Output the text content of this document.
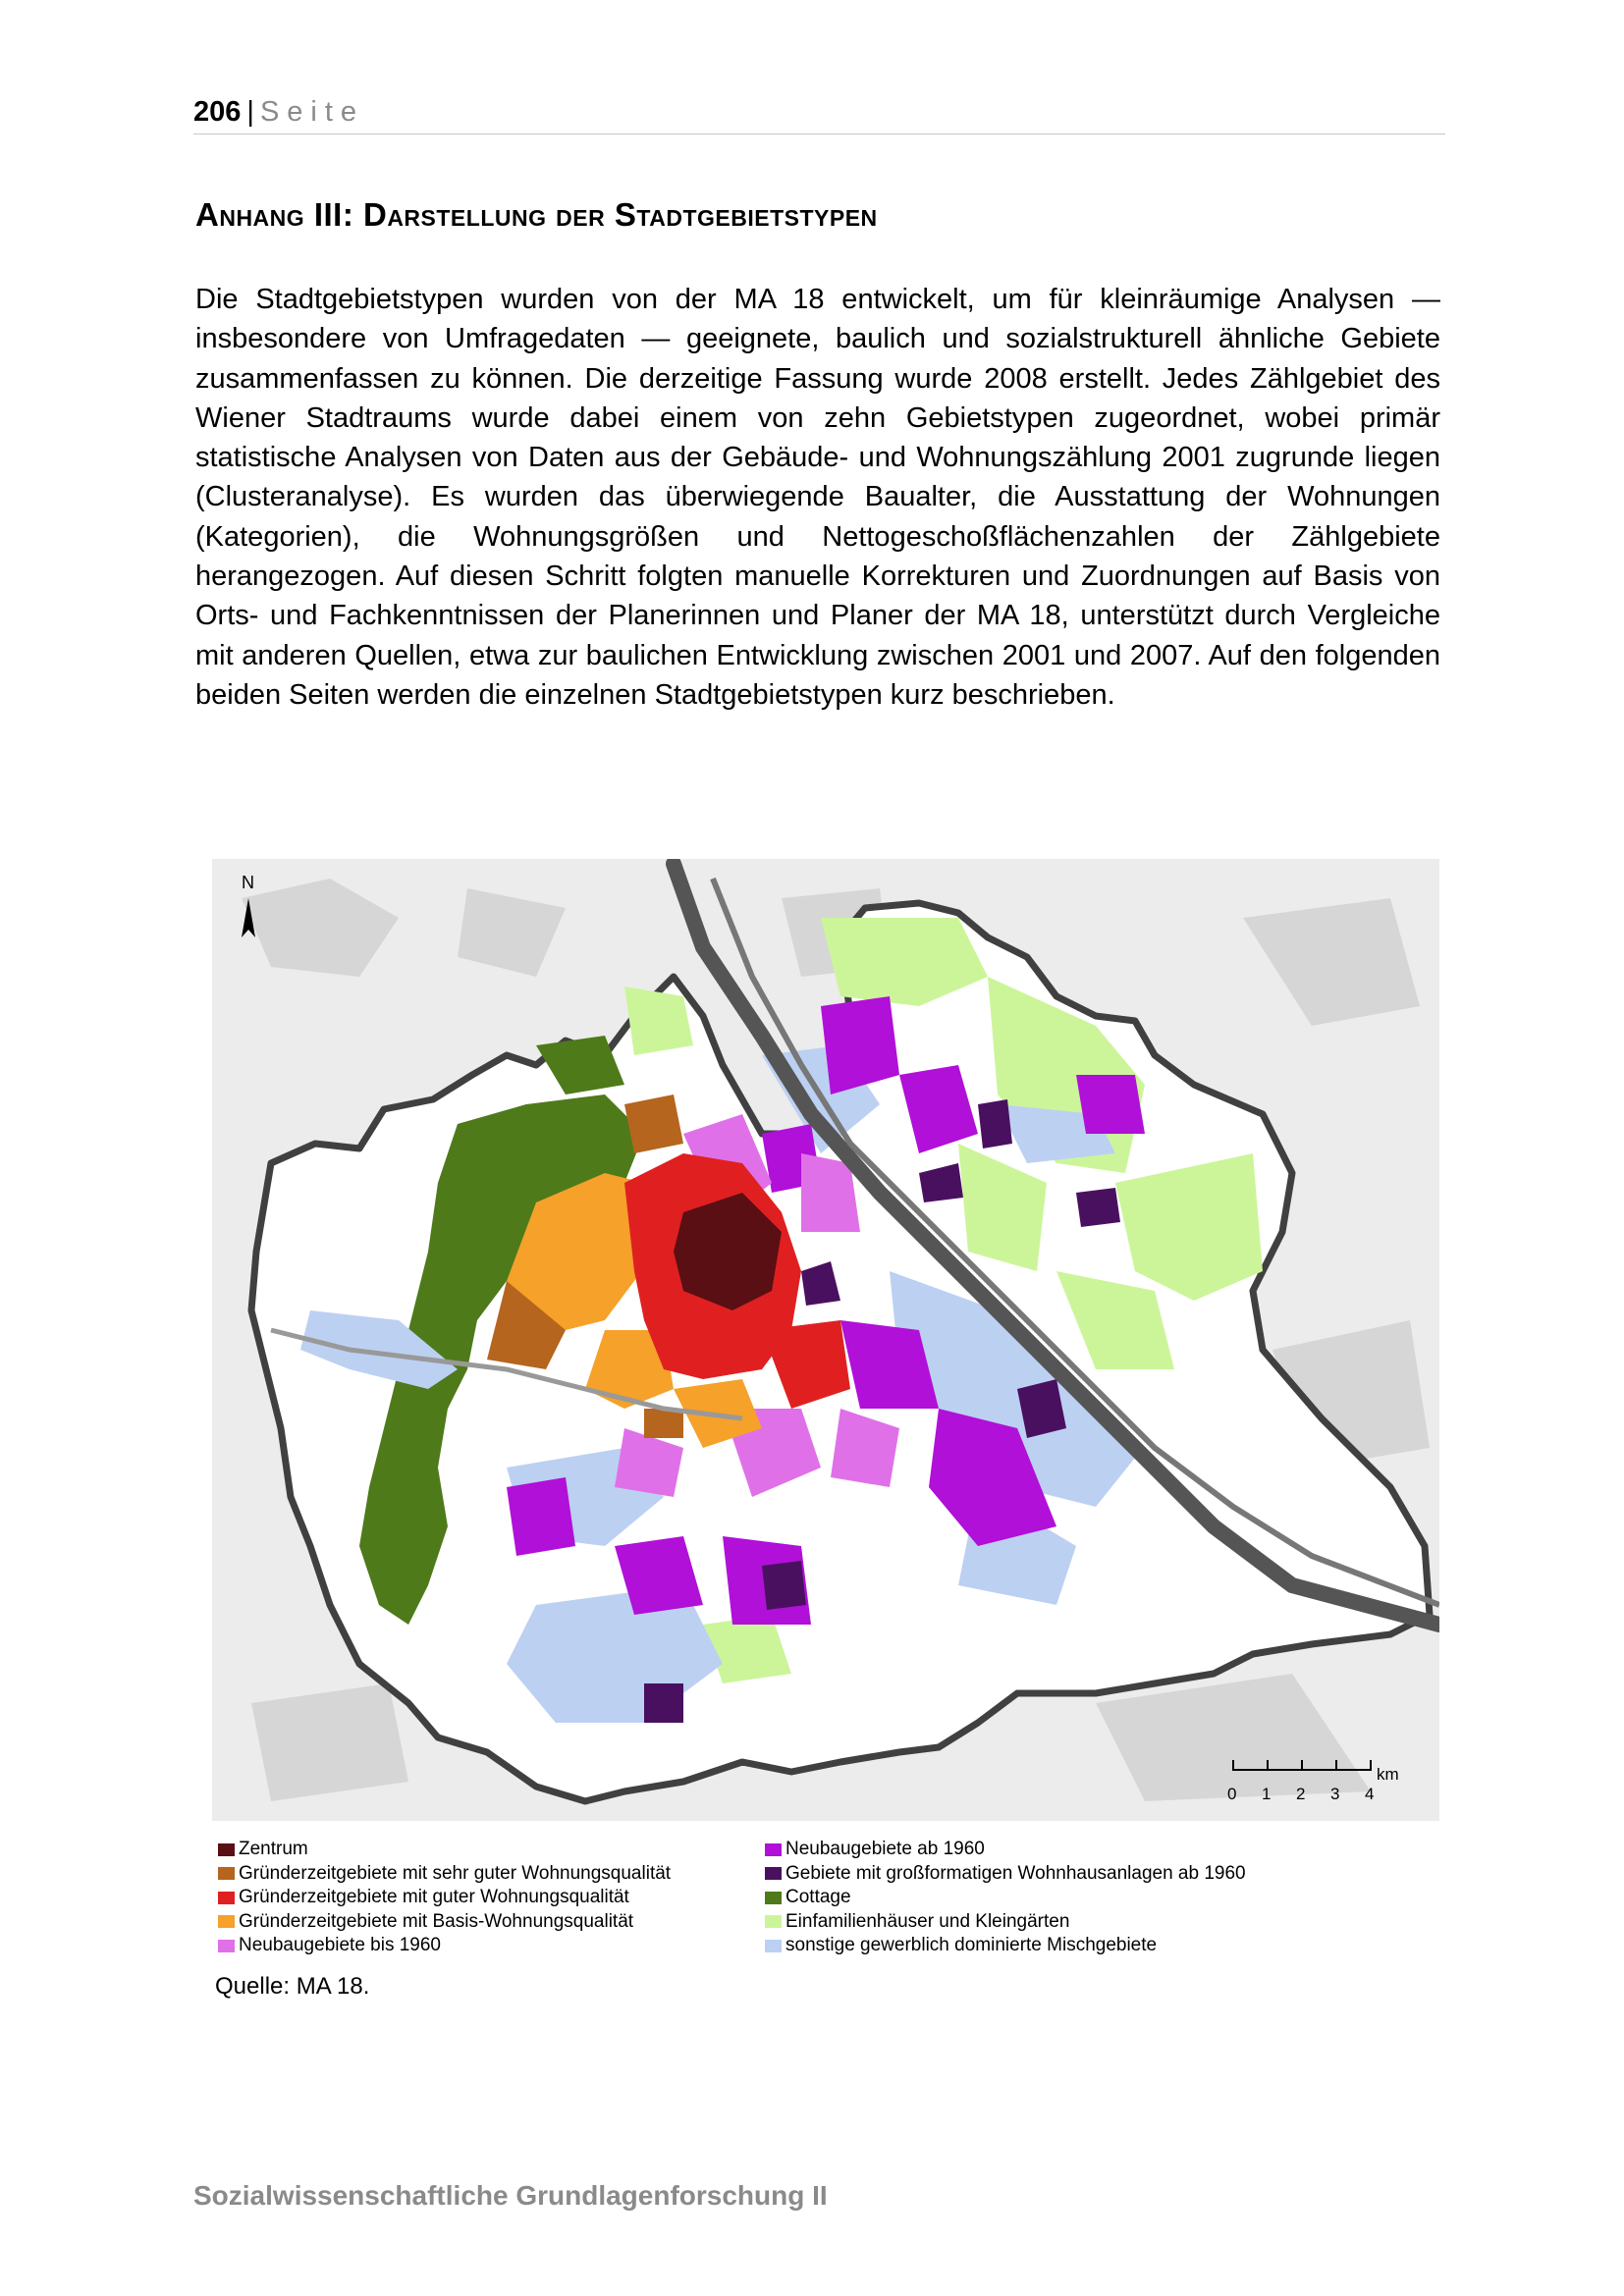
206 | Seite
Anhang III: Darstellung der Stadtgebietstypen
Die Stadtgebietstypen wurden von der MA 18 entwickelt, um für kleinräumige Analysen — insbesondere von Umfragedaten — geeignete, baulich und sozialstrukturell ähnliche Gebiete zusammenfassen zu können. Die derzeitige Fassung wurde 2008 erstellt. Jedes Zählgebiet des Wiener Stadtraums wurde dabei einem von zehn Gebietstypen zugeordnet, wobei primär statistische Analysen von Daten aus der Gebäude- und Wohnungszählung 2001 zugrunde liegen (Clusteranalyse). Es wurden das überwiegende Baualter, die Ausstattung der Wohnungen (Kategorien), die Wohnungsgrößen und Nettogeschoßflächenzahlen der Zählgebiete herangezogen. Auf diesen Schritt folgten manuelle Korrekturen und Zuordnungen auf Basis von Orts- und Fachkenntnissen der Planerinnen und Planer der MA 18, unterstützt durch Vergleiche mit anderen Quellen, etwa zur baulichen Entwicklung zwischen 2001 und 2007. Auf den folgenden beiden Seiten werden die einzelnen Stadtgebietstypen kurz beschrieben.
N
0 1 2 3 4
km
Zentrum
Gründerzeitgebiete mit sehr guter Wohnungsqualität
Gründerzeitgebiete mit guter Wohnungsqualität
Gründerzeitgebiete mit Basis-Wohnungsqualität
Neubaugebiete bis 1960
Neubaugebiete ab 1960
Gebiete mit großformatigen Wohnhausanlagen ab 1960
Cottage
Einfamilienhäuser und Kleingärten
sonstige gewerblich dominierte Mischgebiete
Quelle: MA 18.
Sozialwissenschaftliche Grundlagenforschung II
